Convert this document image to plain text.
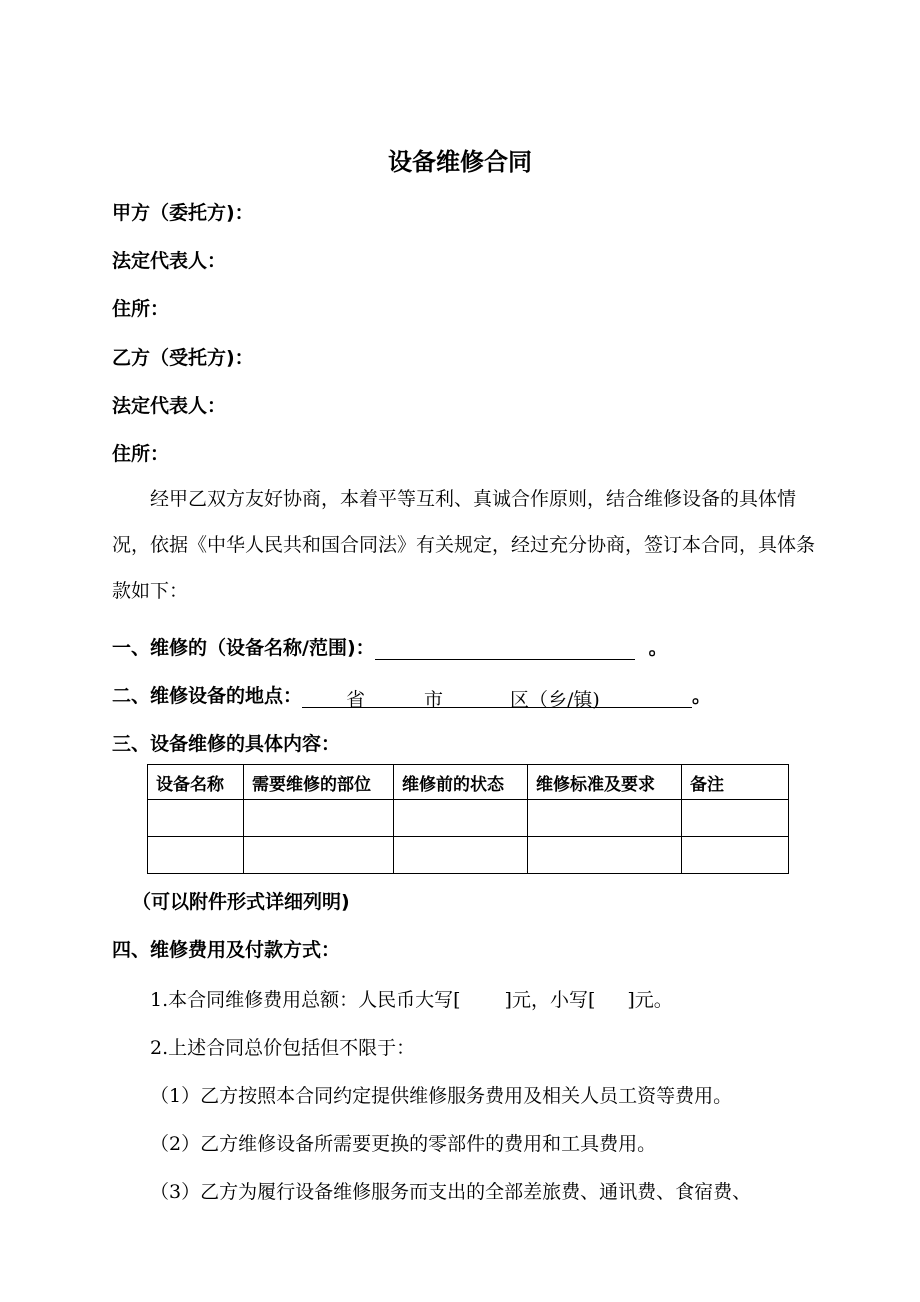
设备维修合同
甲方（委托方)：
法定代表人：
住所：
乙方（受托方)：
法定代表人：
住所：
经甲乙双方友好协商，本着平等互利、真诚合作原则，结合维修设备的具体情况，依据《中华人民共和国合同法》有关规定，经过充分协商，签订本合同，具体条款如下：
一、维修的（设备名称/范围)：	。
二、维修设备的地点： 省	市	区（乡/镇)	。
三、设备维修的具体内容：
设备名称	需要维修的部位	维修前的状态	维修标准及要求	备注

（可以附件形式详细列明)
四、维修费用及付款方式：
1.本合同维修费用总额：人民币大写[ ]元，小写[ ]元。
2.上述合同总价包括但不限于：
（1）乙方按照本合同约定提供维修服务费用及相关人员工资等费用。
（2）乙方维修设备所需要更换的零部件的费用和工具费用。
（3）乙方为履行设备维修服务而支出的全部差旅费、通讯费、食宿费、
